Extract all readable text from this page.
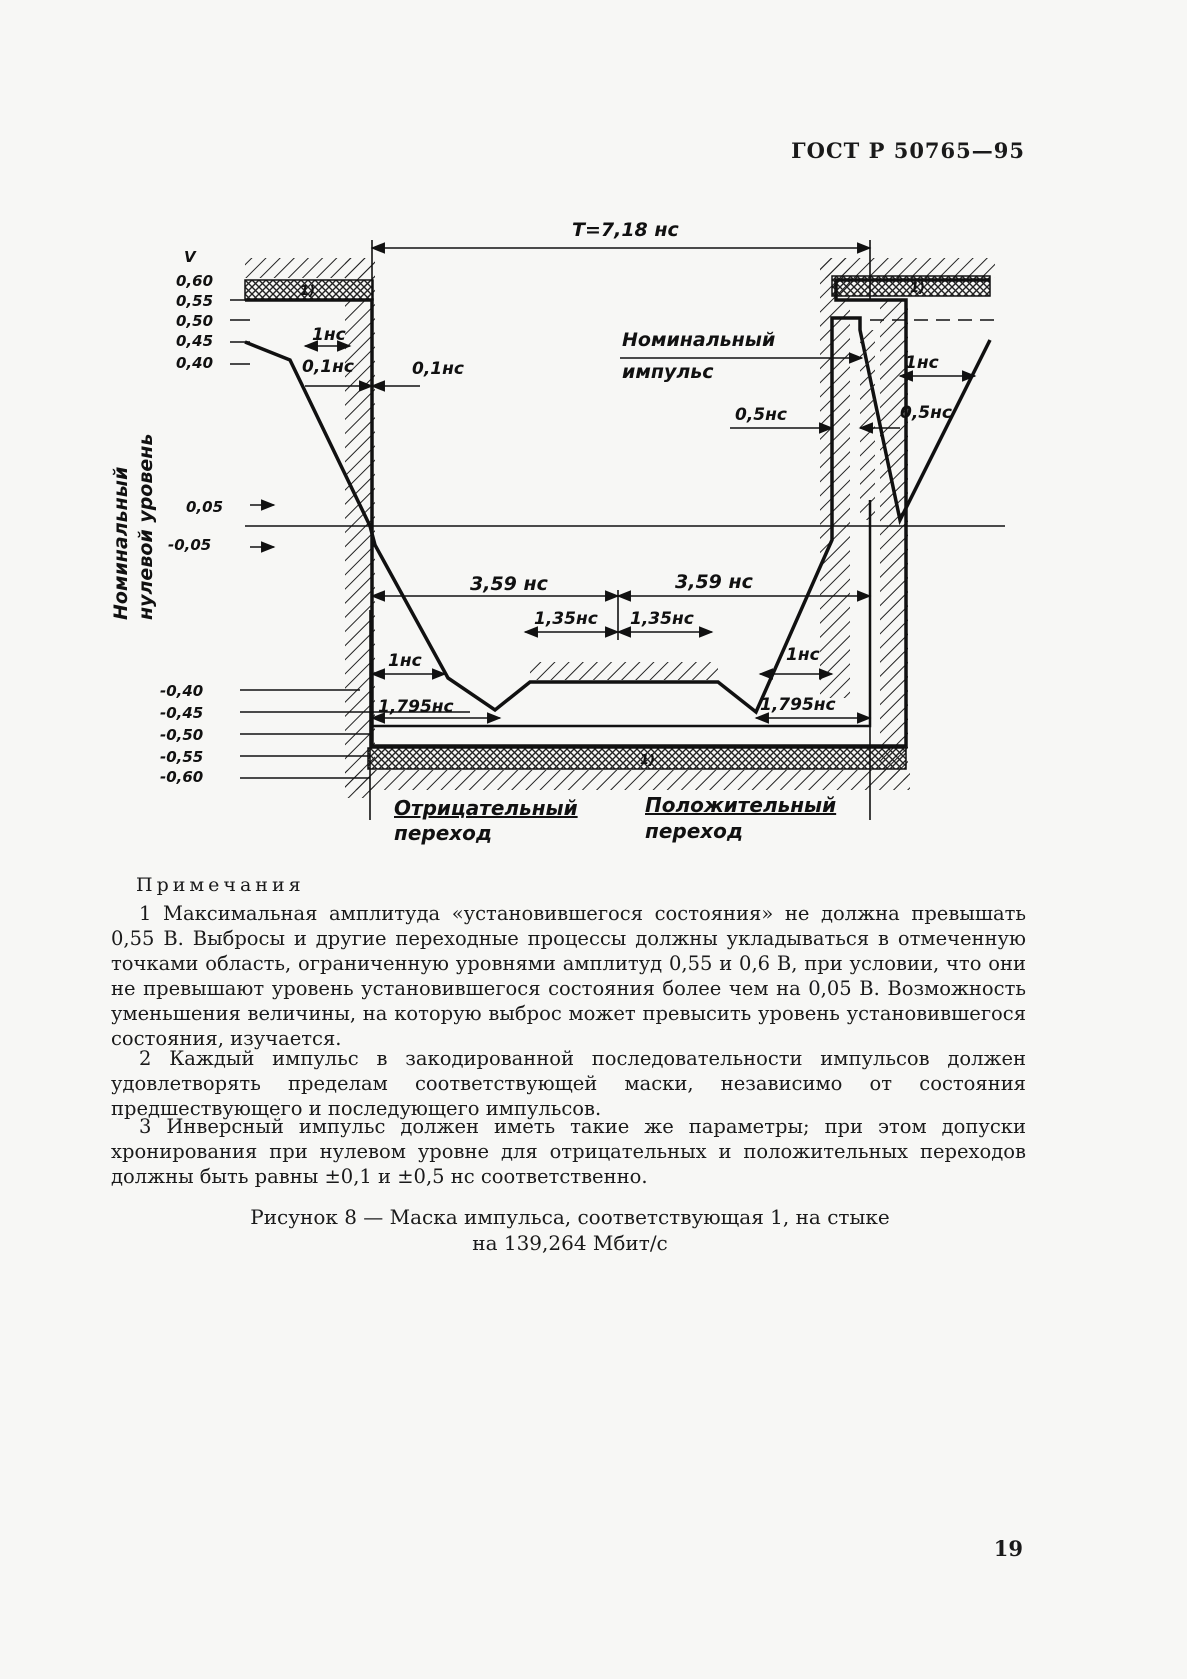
ГОСТ Р 50765—95
V
0,60
0,55
0,50
0,45
0,40
0,05
-0,05
-0,40
-0,45
-0,50
-0,55
-0,60
1)	1)
1)
Номинальный нулевой уровень
T=7,18 нс
1нс
0,1нс	0,1нс
Номинальный
импульс
0,5нс
1нс
0,5нс
3,59 нс	3,59 нс
1,35нс 1,35нс
1нс	1нс
1,795нс	1,795нс
Отрицательный
переход
Положительный
переход
Примечания

1 Максимальная амплитуда «установившегося состояния» не должна превышать 0,55 В. Выбросы и другие переходные процессы должны укладываться в отмеченную точками область, ограниченную уровнями амплитуд 0,55 и 0,6 В, при условии, что они не превышают уровень установившегося состояния более чем на 0,05 В. Возможность уменьшения величины, на которую выброс может превысить уровень установившегося состояния, изучается.

2 Каждый импульс в закодированной последовательности импульсов должен удовлетворять пределам соответствующей маски, независимо от состояния предшествующего и последующего импульсов.

3 Инверсный импульс должен иметь такие же параметры; при этом допуски хронирования при нулевом уровне для отрицательных и положительных переходов должны быть равны ±0,1 и ±0,5 нс соответственно.

Рисунок 8 — Маска импульса, соответствующая 1, на стыке
на 139,264 Мбит/с
19
